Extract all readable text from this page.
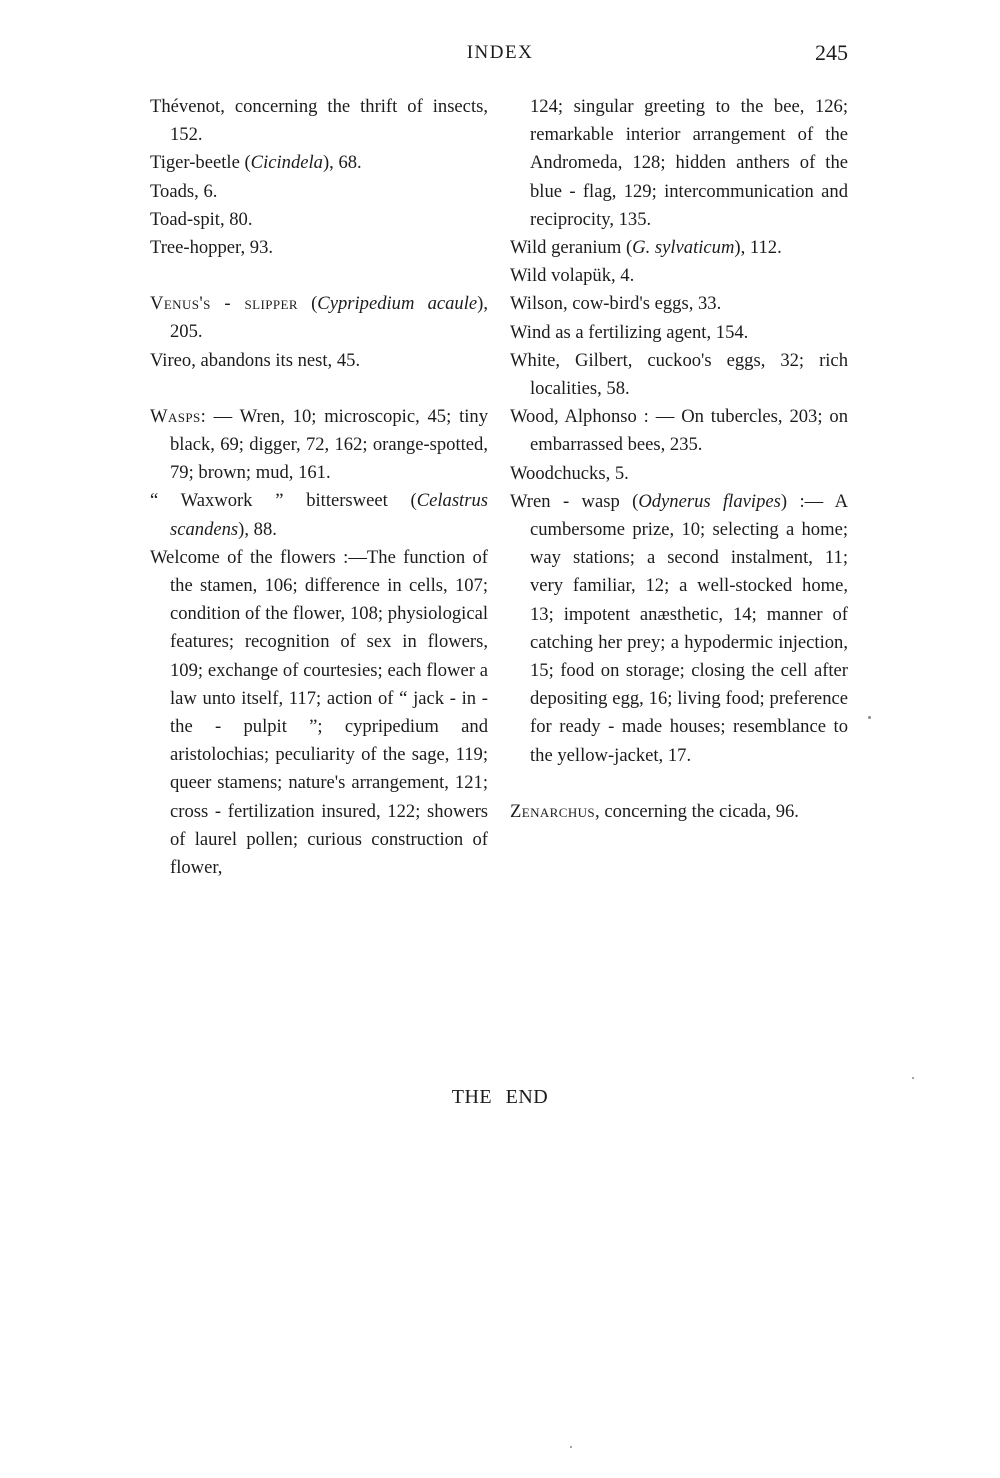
INDEX	245

Thévenot, concerning the thrift of insects, 152.

Tiger-beetle (Cicindela), 68.

Toads, 6.

Toad-spit, 80.

Tree-hopper, 93.

Venus's - slipper (Cypripedium acaule), 205.

Vireo, abandons its nest, 45.

Wasps: — Wren, 10; microscopic, 45; tiny black, 69; digger, 72, 162; orange-spotted, 79; brown; mud, 161.

“ Waxwork ” bittersweet (Celastrus scandens), 88.

Welcome of the flowers :—The function of the stamen, 106; difference in cells, 107; condition of the flower, 108; physiological features; recognition of sex in flowers, 109; exchange of courtesies; each flower a law unto itself, 117; action of “ jack - in - the - pulpit ”; cypripedium and aristolochias; peculiarity of the sage, 119; queer stamens; nature's arrangement, 121; cross - fertilization insured, 122; showers of laurel pollen; curious construction of flower,

124; singular greeting to the bee, 126; remarkable interior arrangement of the Andromeda, 128; hidden anthers of the blue - flag, 129; intercommunication and reciprocity, 135.

Wild geranium (G. sylvaticum), 112.

Wild volapük, 4.

Wilson, cow-bird's eggs, 33.

Wind as a fertilizing agent, 154.

White, Gilbert, cuckoo's eggs, 32; rich localities, 58.

Wood, Alphonso : — On tubercles, 203; on embarrassed bees, 235.

Woodchucks, 5.

Wren - wasp (Odynerus flavipes) :— A cumbersome prize, 10; selecting a home; way stations; a second instalment, 11; very familiar, 12; a well-stocked home, 13; impotent anæsthetic, 14; manner of catching her prey; a hypodermic injection, 15; food on storage; closing the cell after depositing egg, 16; living food; preference for ready - made houses; resemblance to the yellow-jacket, 17.

Zenarchus, concerning the cicada, 96.

THE END
